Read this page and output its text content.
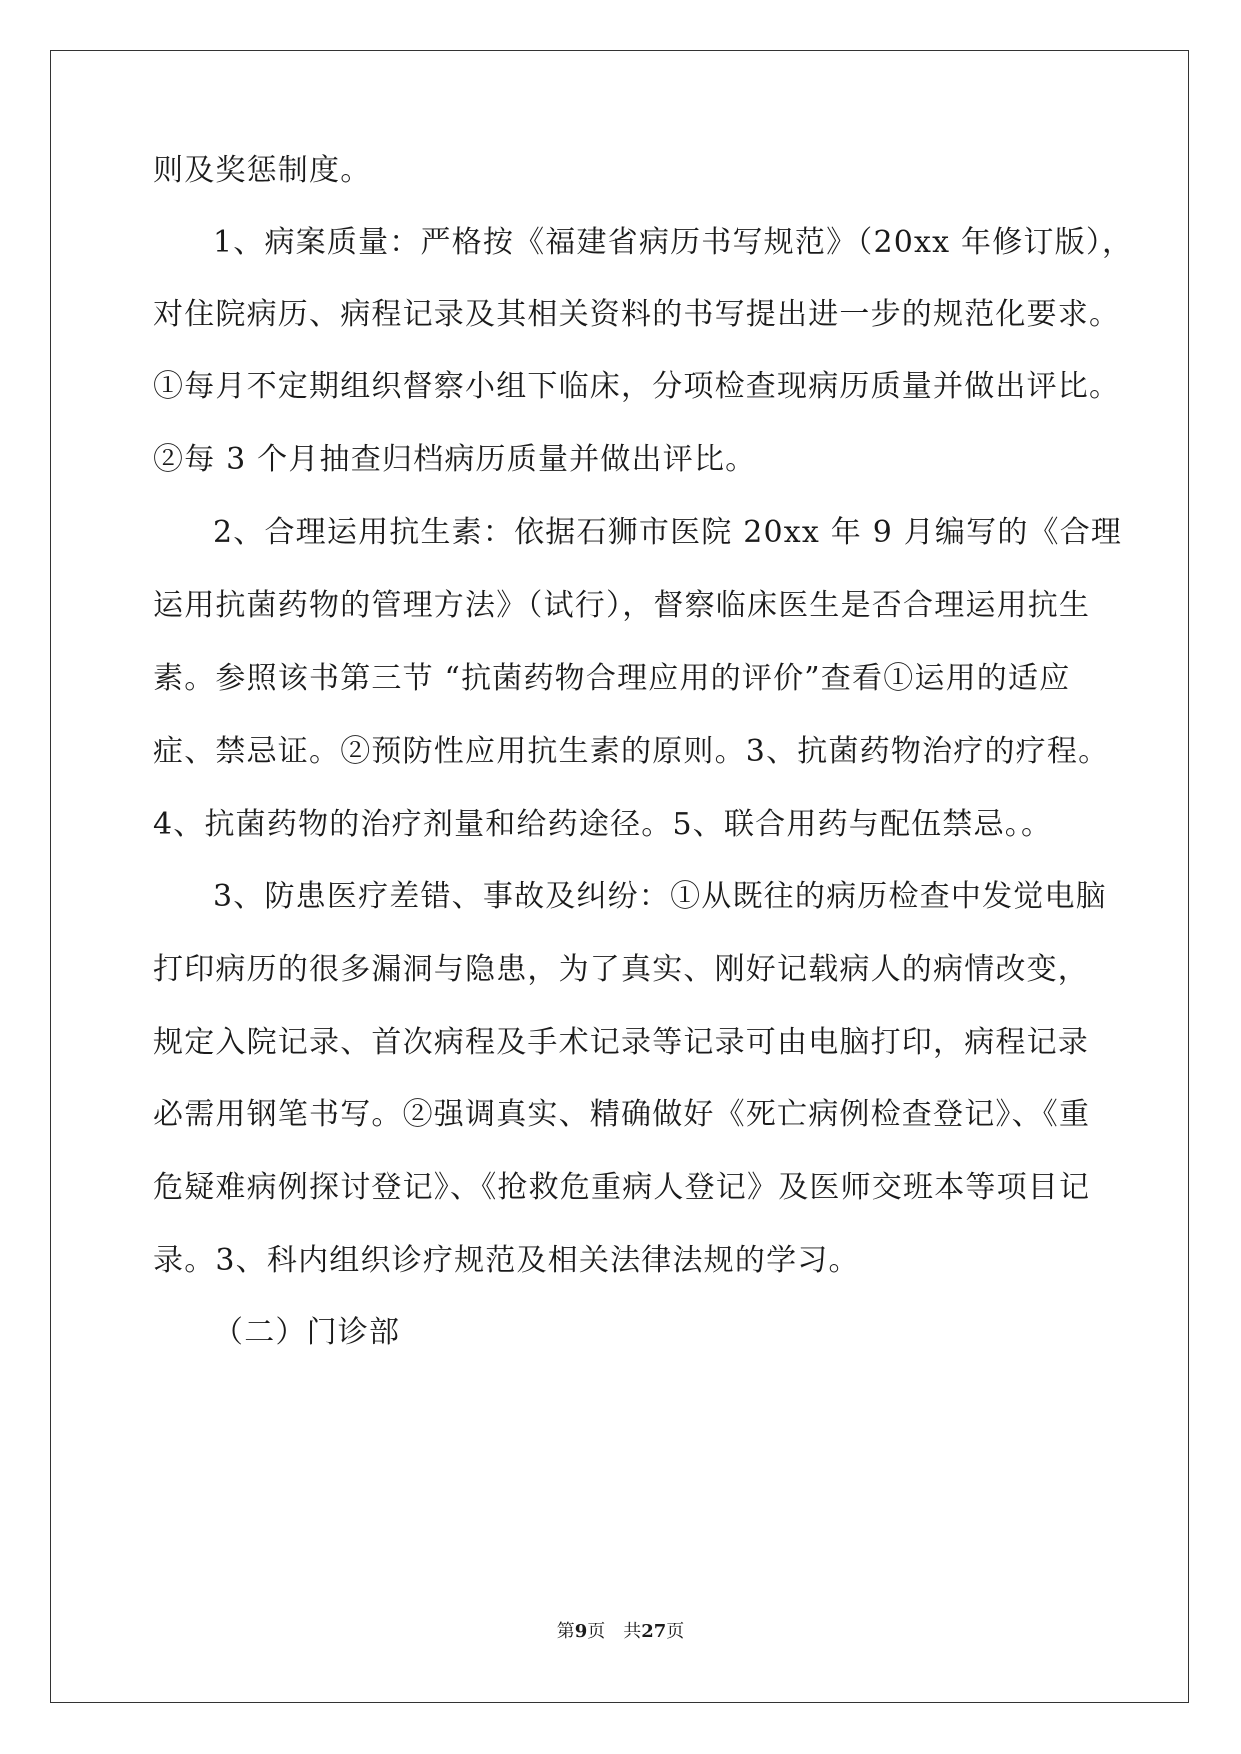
则及奖惩制度。
1、病案质量：严格按《福建省病历书写规范》（20xx 年修订版），
对住院病历、病程记录及其相关资料的书写提出进一步的规范化要求。
①每月不定期组织督察小组下临床，分项检查现病历质量并做出评比。
②每 3 个月抽查归档病历质量并做出评比。
2、合理运用抗生素：依据石狮市医院 20xx 年 9 月编写的《合理
运用抗菌药物的管理方法》（试行），督察临床医生是否合理运用抗生
素。参照该书第三节 “抗菌药物合理应用的评价”查看①运用的适应
症、禁忌证。②预防性应用抗生素的原则。3、抗菌药物治疗的疗程。
4、抗菌药物的治疗剂量和给药途径。5、联合用药与配伍禁忌。。
3、防患医疗差错、事故及纠纷：①从既往的病历检查中发觉电脑
打印病历的很多漏洞与隐患，为了真实、刚好记载病人的病情改变，
规定入院记录、首次病程及手术记录等记录可由电脑打印，病程记录
必需用钢笔书写。②强调真实、精确做好《死亡病例检查登记》、《重
危疑难病例探讨登记》、《抢救危重病人登记》及医师交班本等项目记
录。3、科内组织诊疗规范及相关法律法规的学习。
（二）门诊部
第9页 共27页
